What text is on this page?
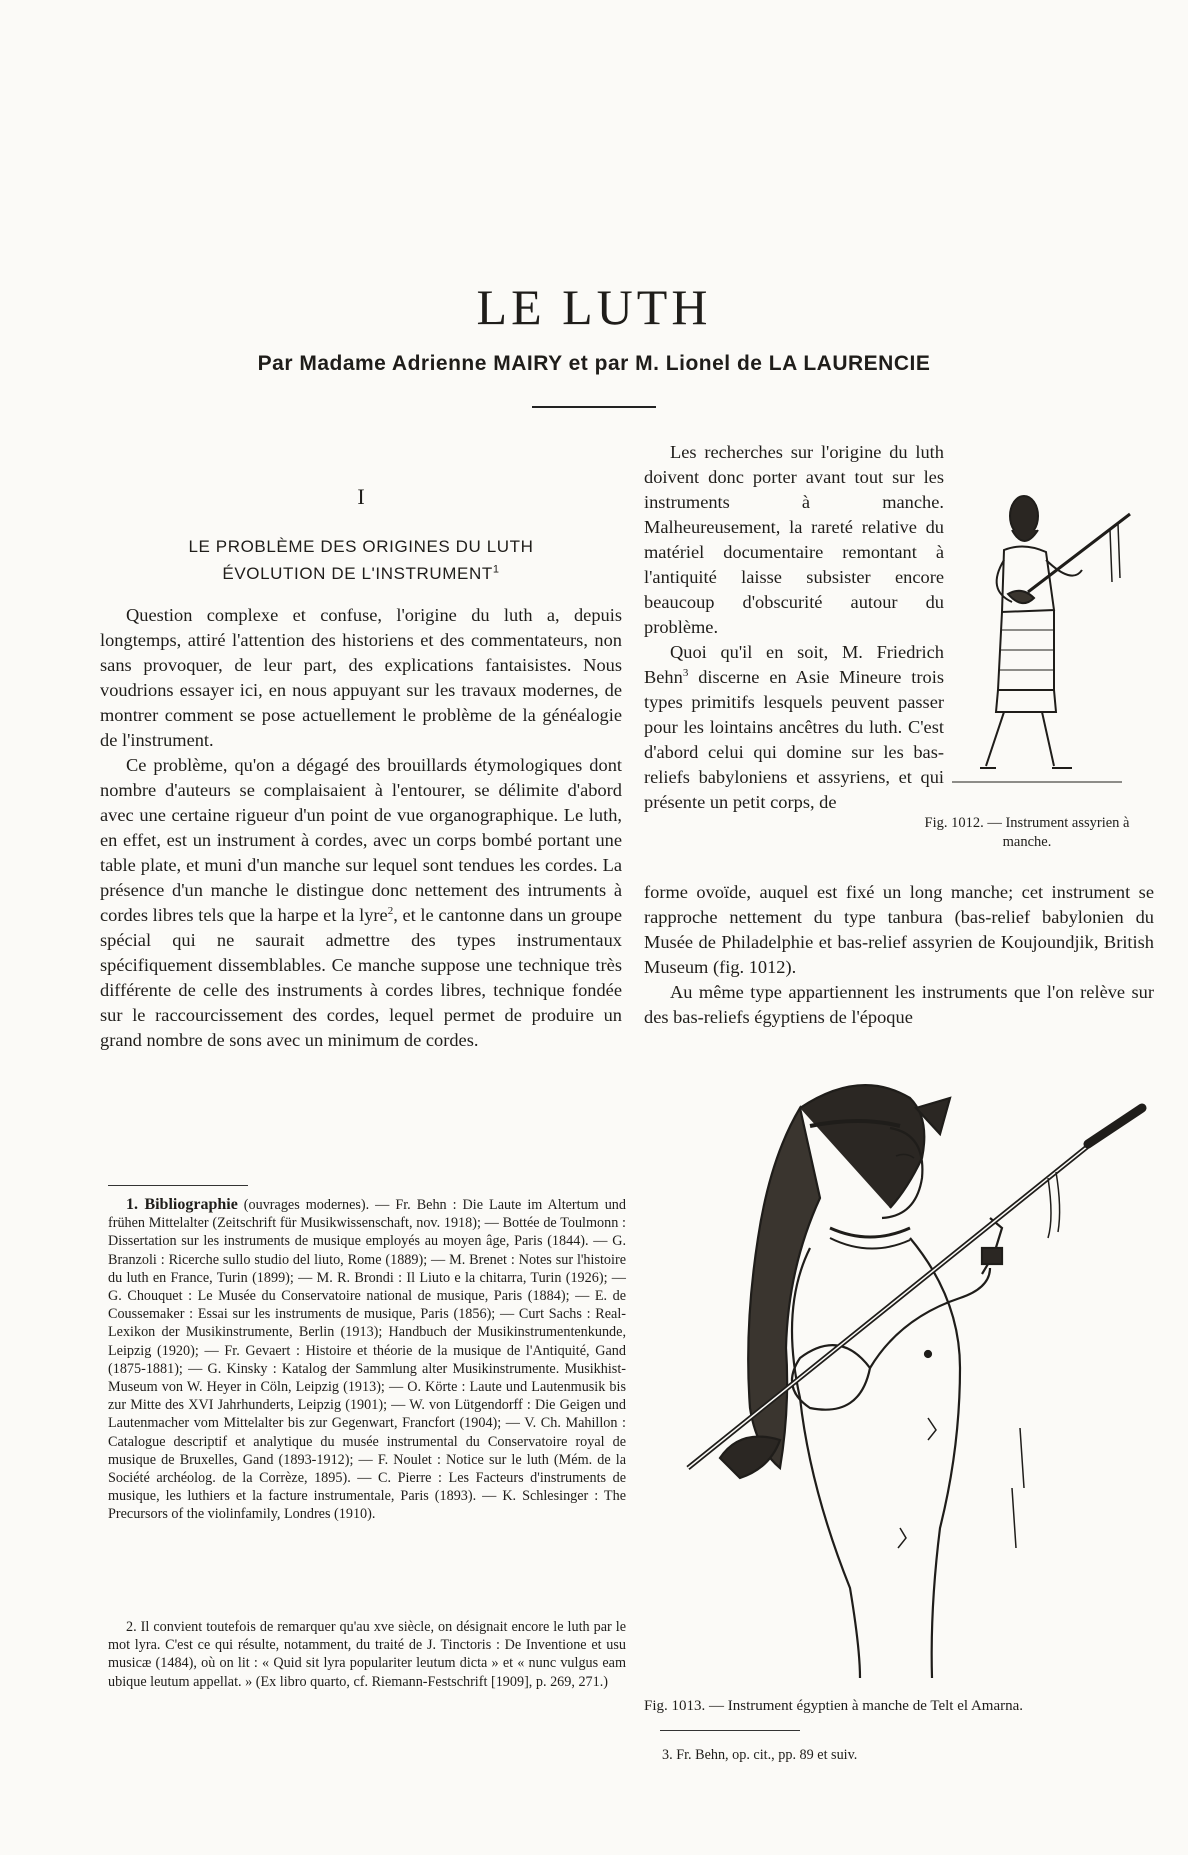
LE LUTH
Par Madame Adrienne MAIRY et par M. Lionel de LA LAURENCIE
I
LE PROBLÈME DES ORIGINES DU LUTH
ÉVOLUTION DE L'INSTRUMENT$^1$

Question complexe et confuse, l'origine du luth a, depuis longtemps, attiré l'attention des historiens et des commentateurs, non sans provoquer, de leur part, des explications fantaisistes. Nous voudrions essayer ici, en nous appuyant sur les travaux modernes, de montrer comment se pose actuellement le problème de la généalogie de l'instrument.

Ce problème, qu'on a dégagé des brouillards étymologiques dont nombre d'auteurs se complaisaient à l'entourer, se délimite d'abord avec une certaine rigueur d'un point de vue organographique. Le luth, en effet, est un instrument à cordes, avec un corps bombé portant une table plate, et muni d'un manche sur lequel sont tendues les cordes. La présence d'un manche le distingue donc nettement des intruments à cordes libres tels que la harpe et la lyre$^2$, et le cantonne dans un groupe spécial qui ne saurait admettre des types instrumentaux spécifiquement dissemblables. Ce manche suppose une technique très différente de celle des instruments à cordes libres, technique fondée sur le raccourcissement des cordes, lequel permet de produire un grand nombre de sons avec un minimum de cordes.

1. Bibliographie (ouvrages modernes). — Fr. Behn : Die Laute im Altertum und frühen Mittelalter (Zeitschrift für Musikwissenschaft, nov. 1918); — Bottée de Toulmonn : Dissertation sur les instruments de musique employés au moyen âge, Paris (1844). — G. Branzoli : Ricerche sullo studio del liuto, Rome (1889); — M. Brenet : Notes sur l'histoire du luth en France, Turin (1899); — M. R. Brondi : Il Liuto e la chitarra, Turin (1926); — G. Chouquet : Le Musée du Conservatoire national de musique, Paris (1884); — E. de Coussemaker : Essai sur les instruments de musique, Paris (1856); — Curt Sachs : Real-Lexikon der Musikinstrumente, Berlin (1913); Handbuch der Musikinstrumentenkunde, Leipzig (1920); — Fr. Gevaert : Histoire et théorie de la musique de l'Antiquité, Gand (1875-1881); — G. Kinsky : Katalog der Sammlung alter Musikinstrumente. Musikhist-Museum von W. Heyer in Cöln, Leipzig (1913); — O. Körte : Laute und Lautenmusik bis zur Mitte des XVI Jahrhunderts, Leipzig (1901); — W. von Lütgendorff : Die Geigen und Lautenmacher vom Mittelalter bis zur Gegenwart, Francfort (1904); — V. Ch. Mahillon : Catalogue descriptif et analytique du musée instrumental du Conservatoire royal de musique de Bruxelles, Gand (1893-1912); — F. Noulet : Notice sur le luth (Mém. de la Société archéolog. de la Corrèze, 1895). — C. Pierre : Les Facteurs d'instruments de musique, les luthiers et la facture instrumentale, Paris (1893). — K. Schlesinger : The Precursors of the violinfamily, Londres (1910).

2. Il convient toutefois de remarquer qu'au xve siècle, on désignait encore le luth par le mot lyra. C'est ce qui résulte, notamment, du traité de J. Tinctoris : De Inventione et usu musicæ (1484), où on lit : « Quid sit lyra populariter leutum dicta » et « nunc vulgus eam ubique leutum appellat. » (Ex libro quarto, cf. Riemann-Festschrift [1909], p. 269, 271.)

Les recherches sur l'origine du luth doivent donc porter avant tout sur les instruments à manche. Malheureusement, la rareté relative du matériel documentaire remontant à l'antiquité laisse subsister encore beaucoup d'obscurité autour du problème.

Quoi qu'il en soit, M. Friedrich Behn$^3$ discerne en Asie Mineure trois types primitifs lesquels peuvent passer pour les lointains ancêtres du luth. C'est d'abord celui qui domine sur les bas-reliefs babyloniens et assyriens, et qui présente un petit corps, de

Fig. 1012. — Instrument assyrien à manche.

forme ovoïde, auquel est fixé un long manche; cet instrument se rapproche nettement du type tanbura (bas-relief babylonien du Musée de Philadelphie et bas-relief assyrien de Koujoundjik, British Museum (fig. 1012).

Au même type appartiennent les instruments que l'on relève sur des bas-reliefs égyptiens de l'époque

Fig. 1013. — Instrument égyptien à manche de Telt el Amarna.
3. Fr. Behn, op. cit., pp. 89 et suiv.
